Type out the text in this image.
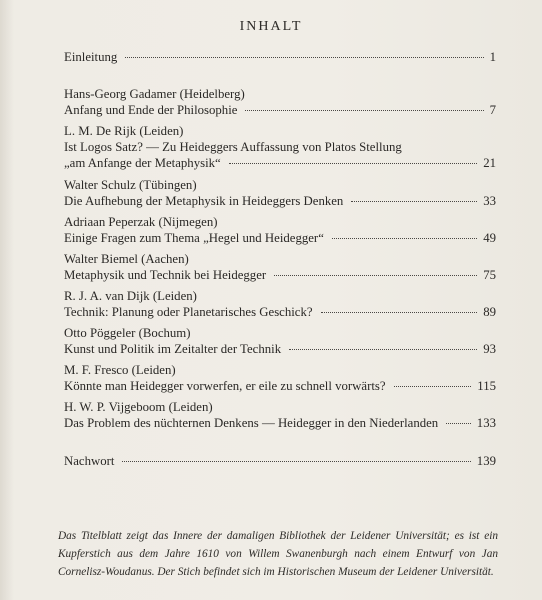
INHALT
Einleitung	1
Hans-Georg Gadamer (Heidelberg)
Anfang und Ende der Philosophie	7
L. M. De Rijk (Leiden)
Ist Logos Satz? — Zu Heideggers Auffassung von Platos Stellung
„am Anfange der Metaphysik“	21
Walter Schulz (Tübingen)
Die Aufhebung der Metaphysik in Heideggers Denken	33
Adriaan Peperzak (Nijmegen)
Einige Fragen zum Thema „Hegel und Heidegger“	49
Walter Biemel (Aachen)
Metaphysik und Technik bei Heidegger	75
R. J. A. van Dijk (Leiden)
Technik: Planung oder Planetarisches Geschick?	89
Otto Pöggeler (Bochum)
Kunst und Politik im Zeitalter der Technik	93
M. F. Fresco (Leiden)
Könnte man Heidegger vorwerfen, er eile zu schnell vorwärts?	115
H. W. P. Vijgeboom (Leiden)
Das Problem des nüchternen Denkens — Heidegger in den Niederlanden	133
Nachwort	139
Das Titelblatt zeigt das Innere der damaligen Bibliothek der Leidener Universität; es ist ein Kupferstich aus dem Jahre 1610 von Willem Swanenburgh nach einem Entwurf von Jan Cornelisz-Woudanus. Der Stich befindet sich im Historischen Museum der Leidener Universität.
